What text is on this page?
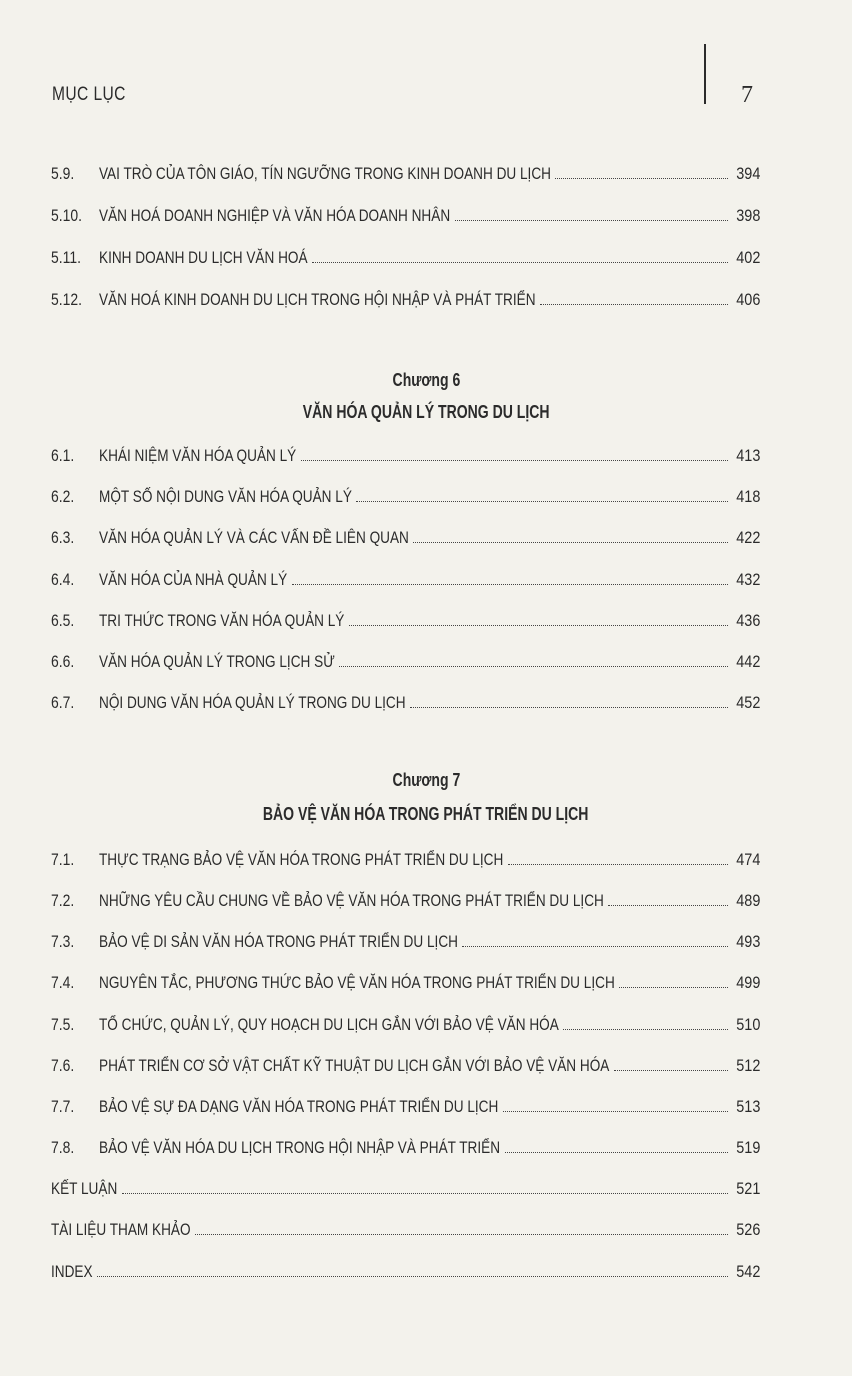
MỤC LỤC	7
5.9.	VAI TRÒ CỦA TÔN GIÁO, TÍN NGƯỠNG TRONG KINH DOANH DU LỊCH	394
5.10. VĂN HOÁ DOANH NGHIỆP VÀ VĂN HÓA DOANH NHÂN	398
5.11.	KINH DOANH DU LỊCH VĂN HOÁ	402
5.12. VĂN HOÁ KINH DOANH DU LỊCH TRONG HỘI NHẬP VÀ PHÁT TRIỂN	406
Chương 6
VĂN HÓA QUẢN LÝ TRONG DU LỊCH
6.1.	KHÁI NIỆM VĂN HÓA QUẢN LÝ	413
6.2.	MỘT SỐ NỘI DUNG VĂN HÓA QUẢN LÝ	418
6.3.	VĂN HÓA QUẢN LÝ VÀ CÁC VẤN ĐỀ LIÊN QUAN	422
6.4.	VĂN HÓA CỦA NHÀ QUẢN LÝ	432
6.5.	TRI THỨC TRONG VĂN HÓA QUẢN LÝ	436
6.6.	VĂN HÓA QUẢN LÝ TRONG LỊCH SỬ	442
6.7.	NỘI DUNG VĂN HÓA QUẢN LÝ TRONG DU LỊCH	452
Chương 7
BẢO VỆ VĂN HÓA TRONG PHÁT TRIỂN DU LỊCH
7.1.	THỰC TRẠNG BẢO VỆ VĂN HÓA TRONG PHÁT TRIỂN DU LỊCH	474
7.2.	NHỮNG YÊU CẦU CHUNG VỀ BẢO VỆ VĂN HÓA TRONG PHÁT TRIỂN DU LỊCH	489
7.3.	BẢO VỆ DI SẢN VĂN HÓA TRONG PHÁT TRIỂN DU LỊCH	493
7.4.	NGUYÊN TẮC, PHƯƠNG THỨC BẢO VỆ VĂN HÓA TRONG PHÁT TRIỂN DU LỊCH	499
7.5.	TỔ CHỨC, QUẢN LÝ, QUY HOẠCH DU LỊCH GẮN VỚI BẢO VỆ VĂN HÓA	510
7.6.	PHÁT TRIỂN CƠ SỞ VẬT CHẤT KỸ THUẬT DU LỊCH GẮN VỚI BẢO VỆ VĂN HÓA	512
7.7.	BẢO VỆ SỰ ĐA DẠNG VĂN HÓA TRONG PHÁT TRIỂN DU LỊCH	513
7.8.	BẢO VỆ VĂN HÓA DU LỊCH TRONG HỘI NHẬP VÀ PHÁT TRIỂN	519
KẾT LUẬN	521
TÀI LIỆU THAM KHẢO	526
INDEX	542
